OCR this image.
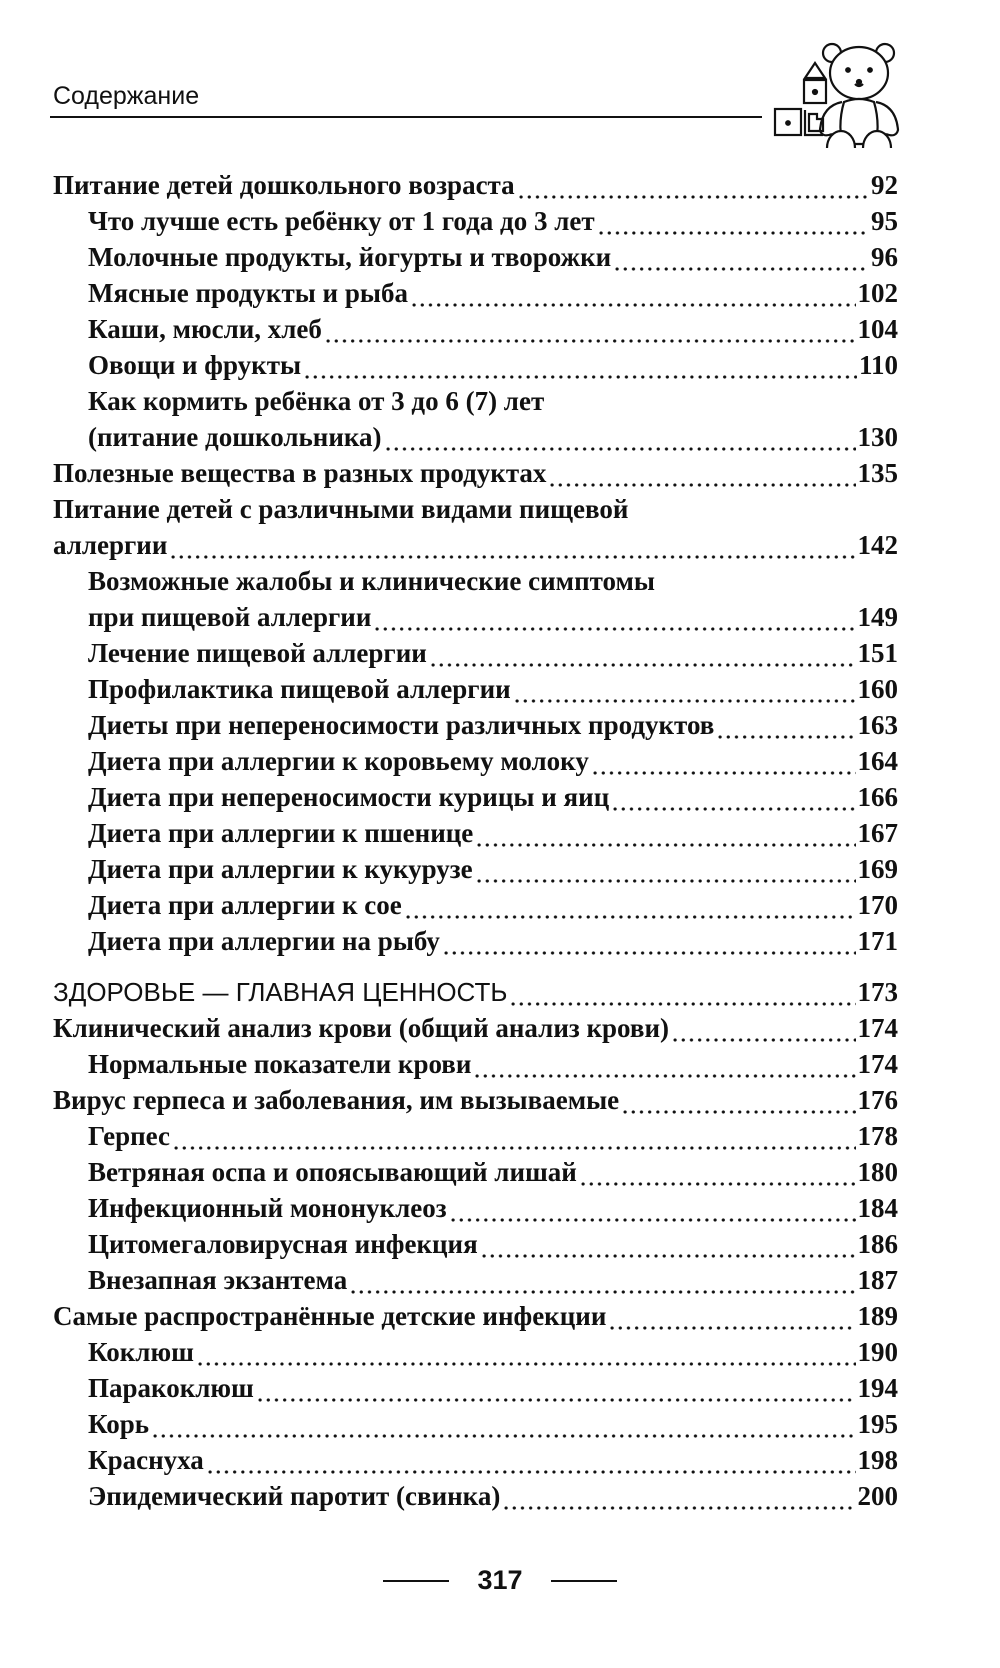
Содержание
Питание детей дошкольного возраста	92
Что лучше есть ребёнку от 1 года до 3 лет	95
Молочные продукты, йогурты и творожки	96
Мясные продукты и рыба	102
Каши, мюсли, хлеб	104
Овощи и фрукты	110
Как кормить ребёнка от 3 до 6 (7) лет
(питание дошкольника)	130
Полезные вещества в разных продуктах	135
Питание детей с различными видами пищевой
аллергии	142
Возможные жалобы и клинические симптомы
при пищевой аллергии	149
Лечение пищевой аллергии	151
Профилактика пищевой аллергии	160
Диеты при непереносимости различных продуктов	163
Диета при аллергии к коровьему молоку	164
Диета при непереносимости курицы и яиц	166
Диета при аллергии к пшенице	167
Диета при аллергии к кукурузе	169
Диета при аллергии к сое	170
Диета при аллергии на рыбу	171
ЗДОРОВЬЕ — ГЛАВНАЯ ЦЕННОСТЬ	173
Клинический анализ крови (общий анализ крови)	174
Нормальные показатели крови	174
Вирус герпеса и заболевания, им вызываемые	176
Герпес	178
Ветряная оспа и опоясывающий лишай	180
Инфекционный мононуклеоз	184
Цитомегаловирусная инфекция	186
Внезапная экзантема	187
Самые распространённые детские инфекции	189
Коклюш	190
Паракоклюш	194
Корь	195
Краснуха	198
Эпидемический паротит (свинка)	200
317
